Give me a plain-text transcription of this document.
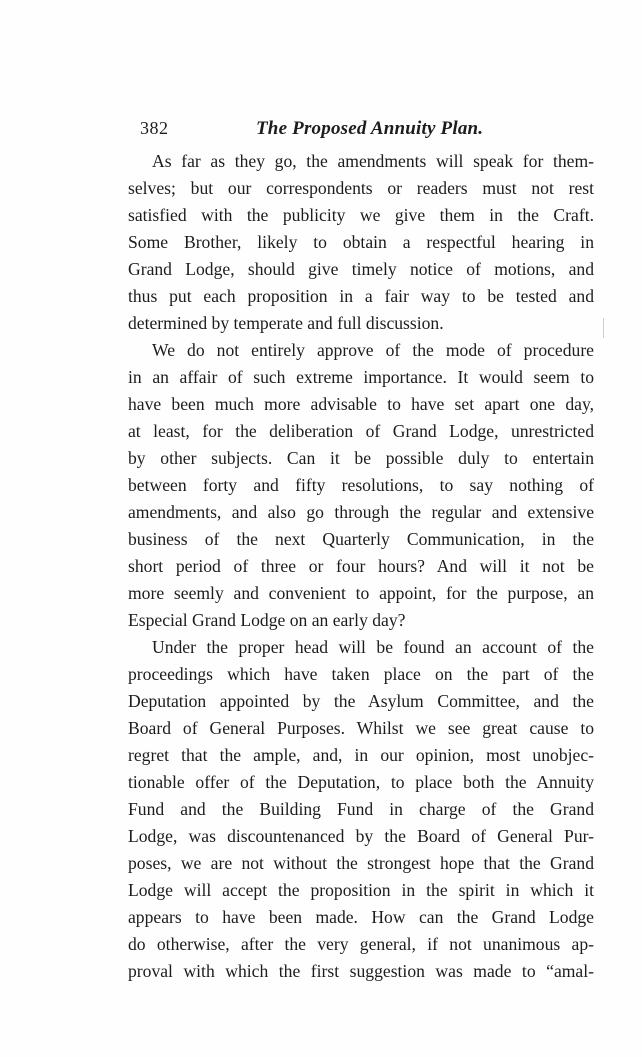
382	The Proposed Annuity Plan.
As far as they go, the amendments will speak for them-
selves; but our correspondents or readers must not rest
satisfied with the publicity we give them in the Craft.
Some Brother, likely to obtain a respectful hearing in
Grand Lodge, should give timely notice of motions, and
thus put each proposition in a fair way to be tested and
determined by temperate and full discussion.
We do not entirely approve of the mode of procedure
in an affair of such extreme importance. It would seem to
have been much more advisable to have set apart one day,
at least, for the deliberation of Grand Lodge, unrestricted
by other subjects. Can it be possible duly to entertain
between forty and fifty resolutions, to say nothing of
amendments, and also go through the regular and extensive
business of the next Quarterly Communication, in the
short period of three or four hours? And will it not be
more seemly and convenient to appoint, for the purpose, an
Especial Grand Lodge on an early day?
Under the proper head will be found an account of the
proceedings which have taken place on the part of the
Deputation appointed by the Asylum Committee, and the
Board of General Purposes. Whilst we see great cause to
regret that the ample, and, in our opinion, most unobjec-
tionable offer of the Deputation, to place both the Annuity
Fund and the Building Fund in charge of the Grand
Lodge, was discountenanced by the Board of General Pur-
poses, we are not without the strongest hope that the Grand
Lodge will accept the proposition in the spirit in which it
appears to have been made. How can the Grand Lodge
do otherwise, after the very general, if not unanimous ap-
proval with which the first suggestion was made to “amal-
